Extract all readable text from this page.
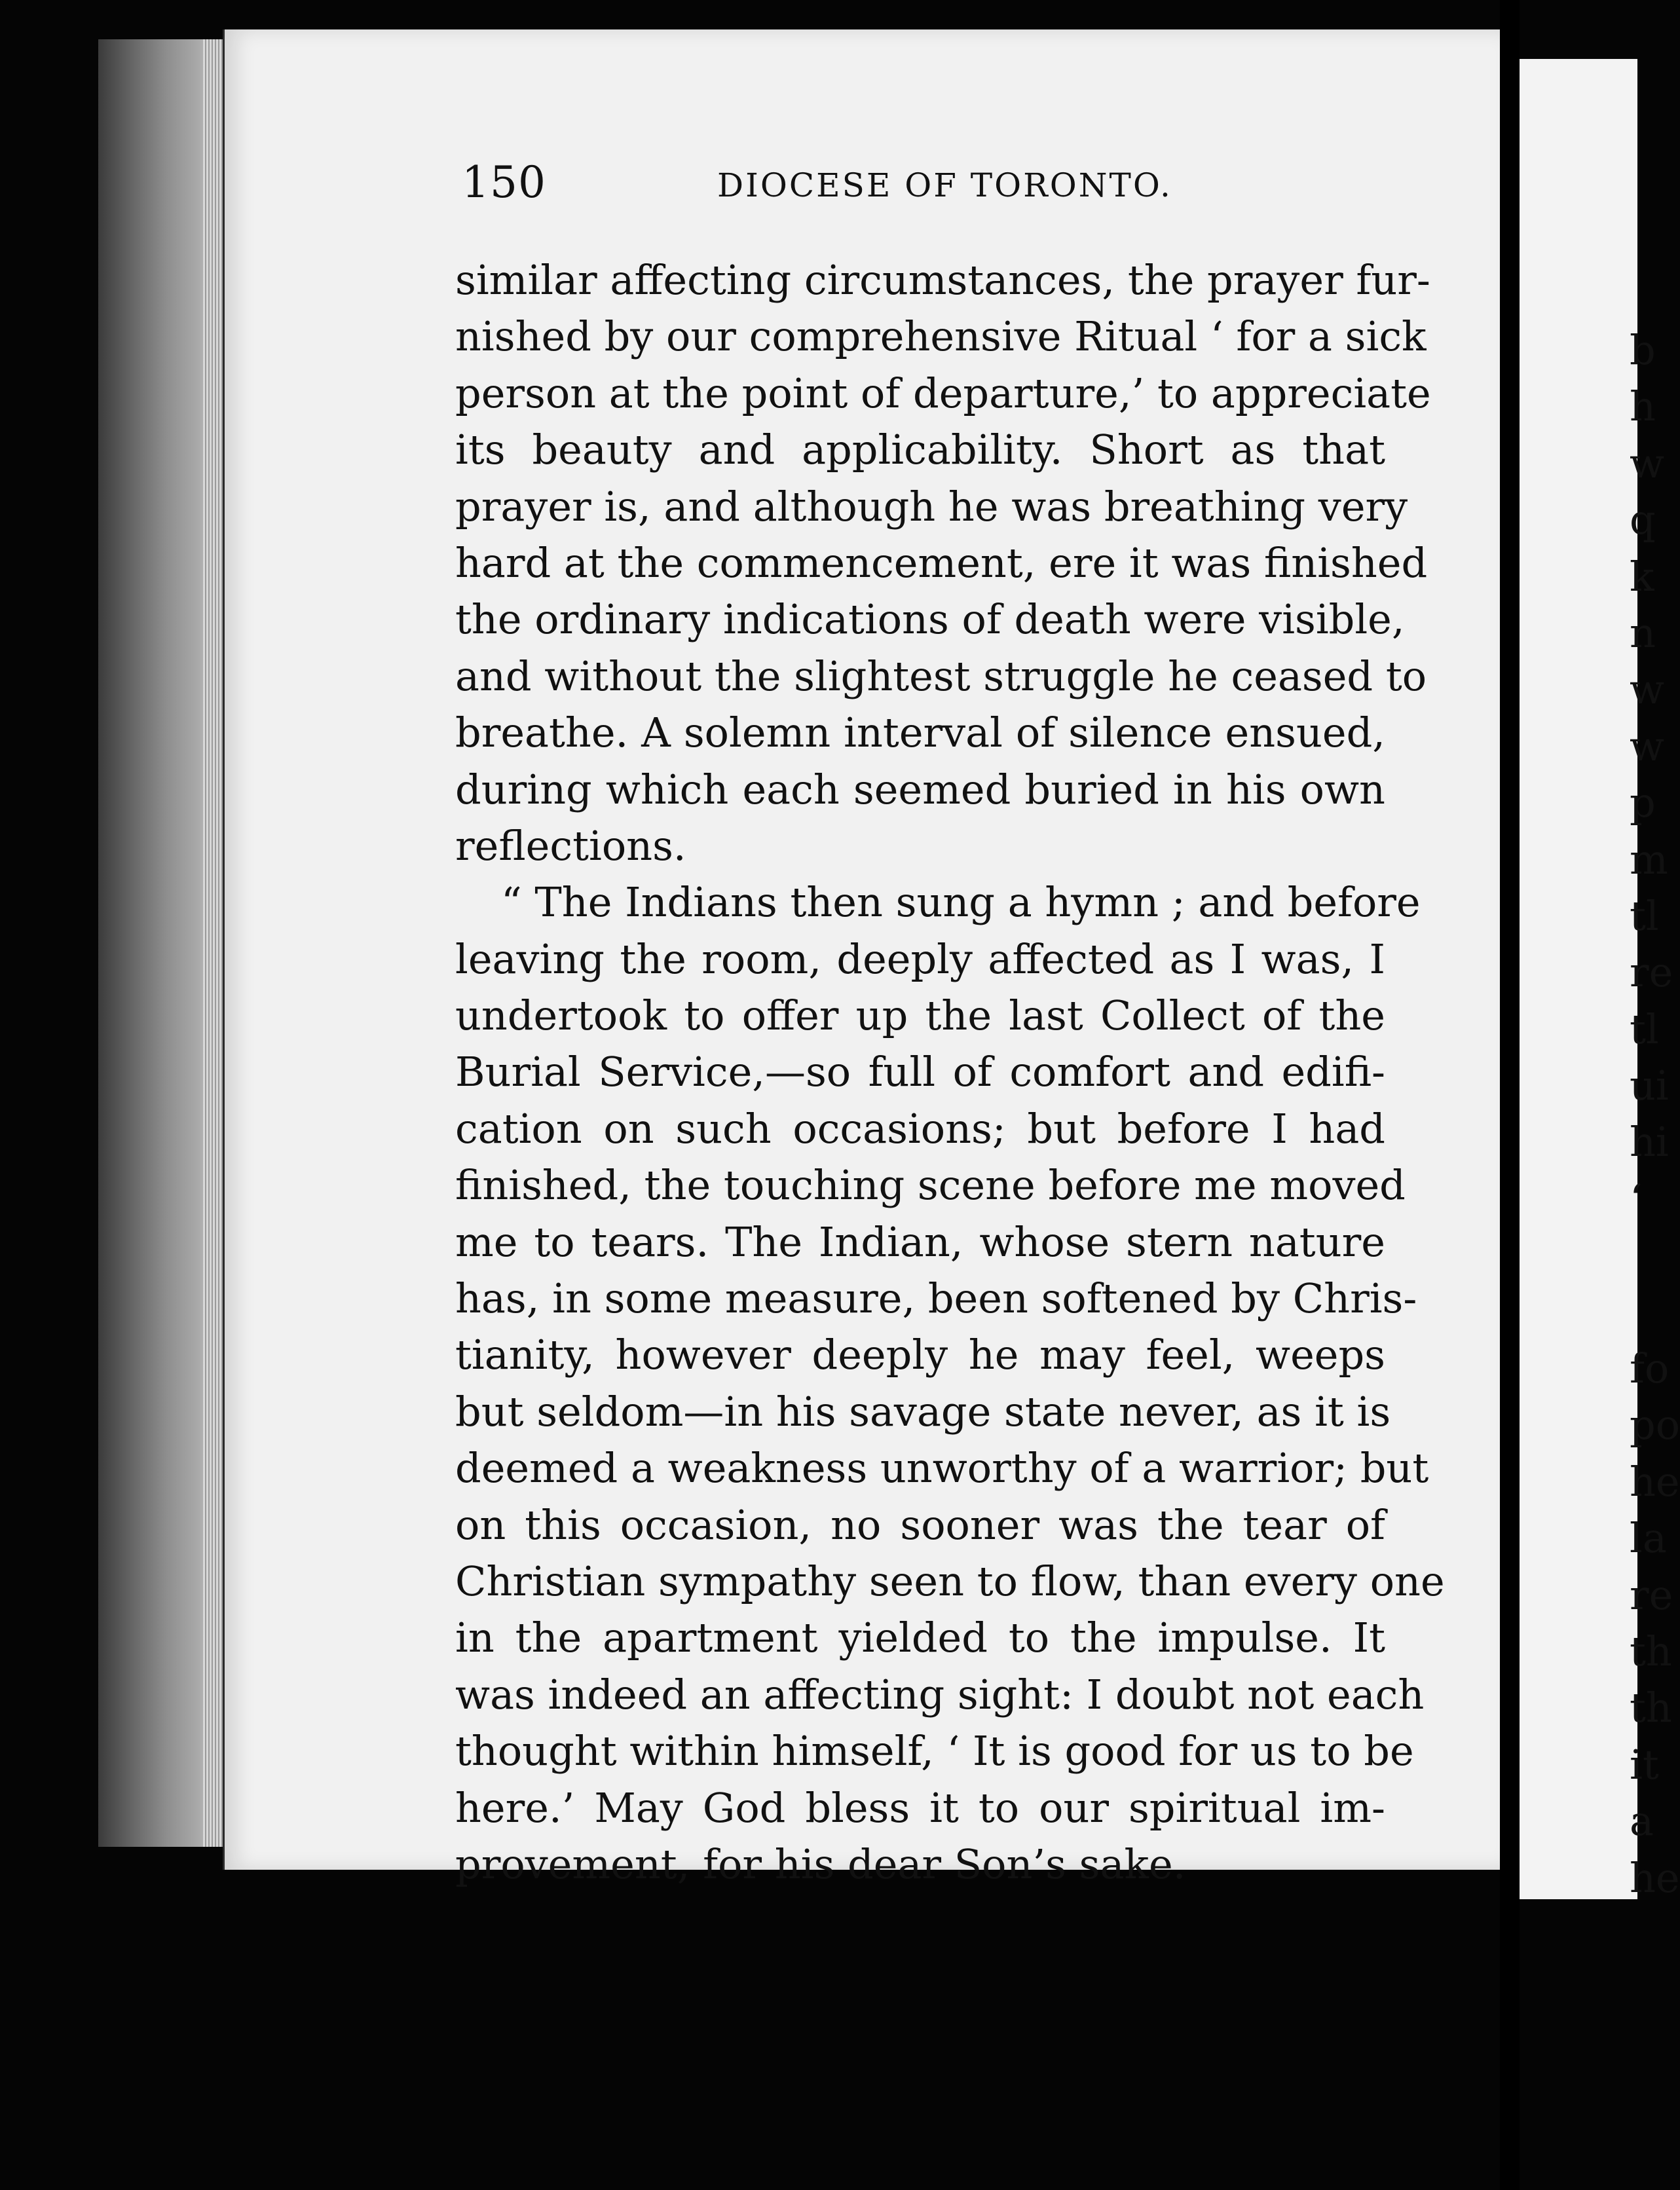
150	DIOCESE OF TORONTO.
similar affecting circumstances, the prayer fur-
nished by our comprehensive Ritual ‘ for a sick
person at the point of departure,’ to appreciate
its beauty and applicability. Short as that
prayer is, and although he was breathing very
hard at the commencement, ere it was finished
the ordinary indications of death were visible,
and without the slightest struggle he ceased to
breathe. A solemn interval of silence ensued,
during which each seemed buried in his own
reflections.
“ The Indians then sung a hymn ; and before
leaving the room, deeply affected as I was, I
undertook to offer up the last Collect of the
Burial Service,—so full of comfort and edifi-
cation on such occasions; but before I had
finished, the touching scene before me moved
me to tears. The Indian, whose stern nature
has, in some measure, been softened by Chris-
tianity, however deeply he may feel, weeps
but seldom—in his savage state never, as it is
deemed a weakness unworthy of a warrior; but
on this occasion, no sooner was the tear of
Christian sympathy seen to flow, than every one
in the apartment yielded to the impulse. It
was indeed an affecting sight: I doubt not each
thought within himself, ‘ It is good for us to be
here.’ May God bless it to our spiritual im-
provement, for his dear Son’s sake.
b
h
w
q
k
n
w
w
p
m
tl
re
tl
ui
hi
‘
fo
po
he
la
re
th
th
it
a
he
